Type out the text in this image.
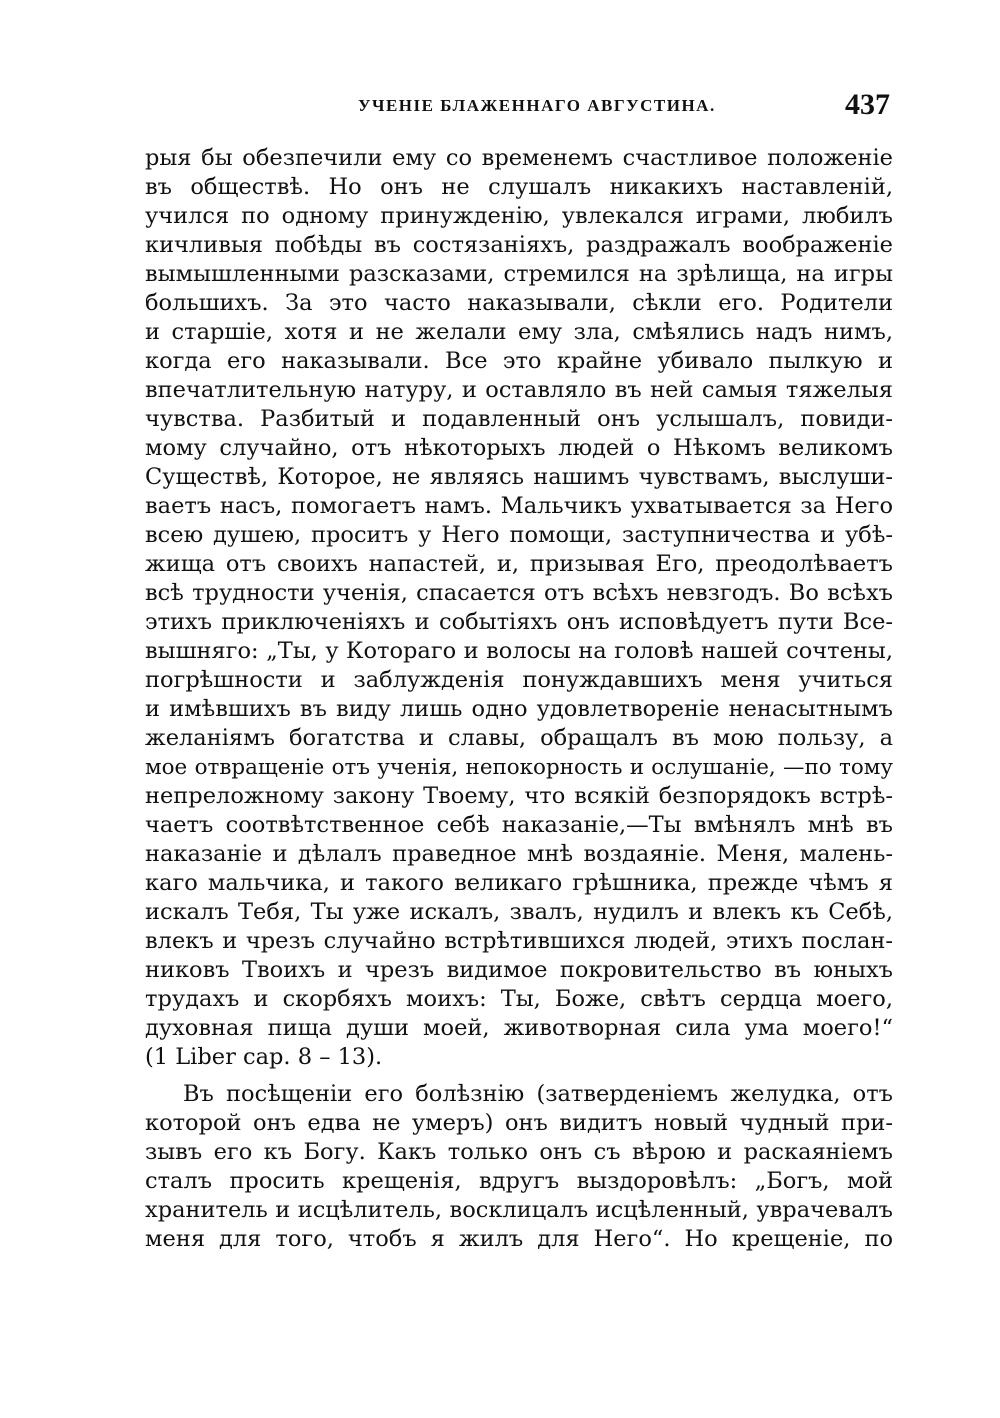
УЧЕНІЕ БЛАЖЕННАГО АВГУСТИНА.	437
рыя бы обезпечили ему со временемъ счастливое положенiе
въ обществѣ. Но онъ не слушалъ никакихъ наставленій,
учился по одному принужденію, увлекался играми, любилъ
кичливыя побѣды въ состязаніяхъ, раздражалъ воображенiе
вымышленными разсказами, стремился на зрѣлища, на игры
большихъ. За это часто наказывали, сѣкли его. Родители
и старшіе, хотя и не желали ему зла, смѣялись надъ нимъ,
когда его наказывали. Все это крайне убивало пылкую и
впечатлительную натуру, и оставляло въ ней самыя тяжелыя
чувства. Разбитый и подавленный онъ услышалъ, повиди-
мому случайно, отъ нѣкоторыхъ людей о Нѣкомъ великомъ
Существѣ, Которое, не являясь нашимъ чувствамъ, выслуши-
ваетъ насъ, помогаетъ намъ. Мальчикъ ухватывается за Него
всею душею, проситъ у Него помощи, заступничества и убѣ-
жища отъ своихъ напастей, и, призывая Его, преодолѣваетъ
всѣ трудности ученія, спасается отъ всѣхъ невзгодъ. Во всѣхъ
этихъ приключеніяхъ и событіяхъ онъ исповѣдуетъ пути Все-
вышняго: „Ты, у Котораго и волосы на головѣ нашей сочтены,
погрѣшности и заблужденія понуждавшихъ меня учиться
и имѣвшихъ въ виду лишь одно удовлетвореніе ненасытнымъ
желаніямъ богатства и славы, обращалъ въ мою пользу, а
мое отвращеніе отъ ученія, непокорность и ослушаніе, —по тому
непреложному закону Твоему, что всякій безпорядокъ встрѣ-
чаетъ соотвѣтственное себѣ наказаніе,—Ты вмѣнялъ мнѣ въ
наказаніе и дѣлалъ праведное мнѣ воздаяніе. Меня, малень-
каго мальчика, и такого великаго грѣшника, прежде чѣмъ я
искалъ Тебя, Ты уже искалъ, звалъ, нудилъ и влекъ къ Себѣ,
влекъ и чрезъ случайно встрѣтившихся людей, этихъ послан-
никовъ Твоихъ и чрезъ видимое покровительство въ юныхъ
трудахъ и скорбяхъ моихъ: Ты, Боже, свѣтъ сердца моего,
духовная пища души моей, животворная сила ума моего!“
(1 Liber cap. 8 – 13).
Въ посѣщеніи его болѣзнію (затверденіемъ желудка, отъ
которой онъ едва не умеръ) онъ видитъ новый чудный при-
зывъ его къ Богу. Какъ только онъ съ вѣрою и раскаяніемъ
сталъ просить крещенія, вдругъ выздоровѣлъ: „Богъ, мой
хранитель и исцѣлитель, восклицалъ исцѣленный, уврачевалъ
меня для того, чтобъ я жилъ для Него“. Но крещеніе, по
